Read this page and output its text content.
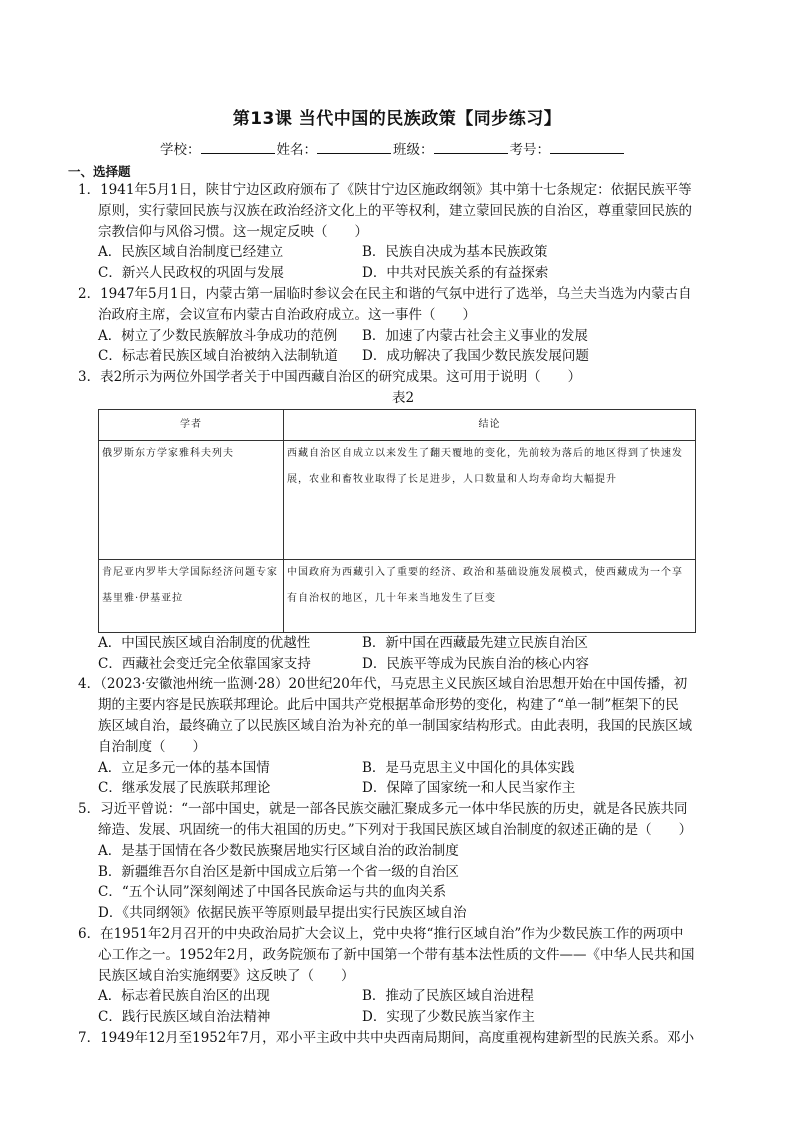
第13课 当代中国的民族政策【同步练习】
学校：	姓名：	班级：	考号：
一、选择题
1．1941年5月1日，陕甘宁边区政府颁布了《陕甘宁边区施政纲领》其中第十七条规定：依据民族平等
原则，实行蒙回民族与汉族在政治经济文化上的平等权利，建立蒙回民族的自治区，尊重蒙回民族的
宗教信仰与风俗习惯。这一规定反映（　　）
A．民族区域自治制度已经建立	B．民族自决成为基本民族政策
C．新兴人民政权的巩固与发展	D．中共对民族关系的有益探索
2．1947年5月1日，内蒙古第一届临时参议会在民主和谐的气氛中进行了选举，乌兰夫当选为内蒙古自
治政府主席，会议宣布内蒙古自治政府成立。这一事件（　　）
A．树立了少数民族解放斗争成功的范例	B．加速了内蒙古社会主义事业的发展
C．标志着民族区域自治被纳入法制轨道	D．成功解决了我国少数民族发展问题
3．表2所示为两位外国学者关于中国西藏自治区的研究成果。这可用于说明（　　）
表2
学者	结论
俄罗斯东方学家雅科夫列夫	西藏自治区自成立以来发生了翻天覆地的变化，先前较为落后的地区得到了快速发展，农业和畜牧业取得了长足进步，人口数量和人均寿命均大幅提升
肯尼亚内罗毕大学国际经济问题专家基里雅·伊基亚拉	中国政府为西藏引入了重要的经济、政治和基础设施发展模式，使西藏成为一个享有自治权的地区，几十年来当地发生了巨变
A．中国民族区域自治制度的优越性	B．新中国在西藏最先建立民族自治区
C．西藏社会变迁完全依靠国家支持	D．民族平等成为民族自治的核心内容
4．（2023·安徽池州统一监测·28）20世纪20年代，马克思主义民族区域自治思想开始在中国传播，初
期的主要内容是民族联邦理论。此后中国共产党根据革命形势的变化，构建了“单一制”框架下的民
族区域自治，最终确立了以民族区域自治为补充的单一制国家结构形式。由此表明，我国的民族区域
自治制度（　　）
A．立足多元一体的基本国情	B．是马克思主义中国化的具体实践
C．继承发展了民族联邦理论	D．保障了国家统一和人民当家作主
5．习近平曾说：“一部中国史，就是一部各民族交融汇聚成多元一体中华民族的历史，就是各民族共同
缔造、发展、巩固统一的伟大祖国的历史。”下列对于我国民族区域自治制度的叙述正确的是（　　）
A．是基于国情在各少数民族聚居地实行区域自治的政治制度
B．新疆维吾尔自治区是新中国成立后第一个省一级的自治区
C．“五个认同”深刻阐述了中国各民族命运与共的血肉关系
D．《共同纲领》依据民族平等原则最早提出实行民族区域自治
6．在1951年2月召开的中央政治局扩大会议上，党中央将“推行区域自治”作为少数民族工作的两项中
心工作之一。1952年2月，政务院颁布了新中国第一个带有基本法性质的文件——《中华人民共和国
民族区域自治实施纲要》这反映了（　　）
A．标志着民族自治区的出现	B．推动了民族区域自治进程
C．践行民族区域自治法精神	D．实现了少数民族当家作主
7．1949年12月至1952年7月，邓小平主政中共中央西南局期间，高度重视构建新型的民族关系。邓小
